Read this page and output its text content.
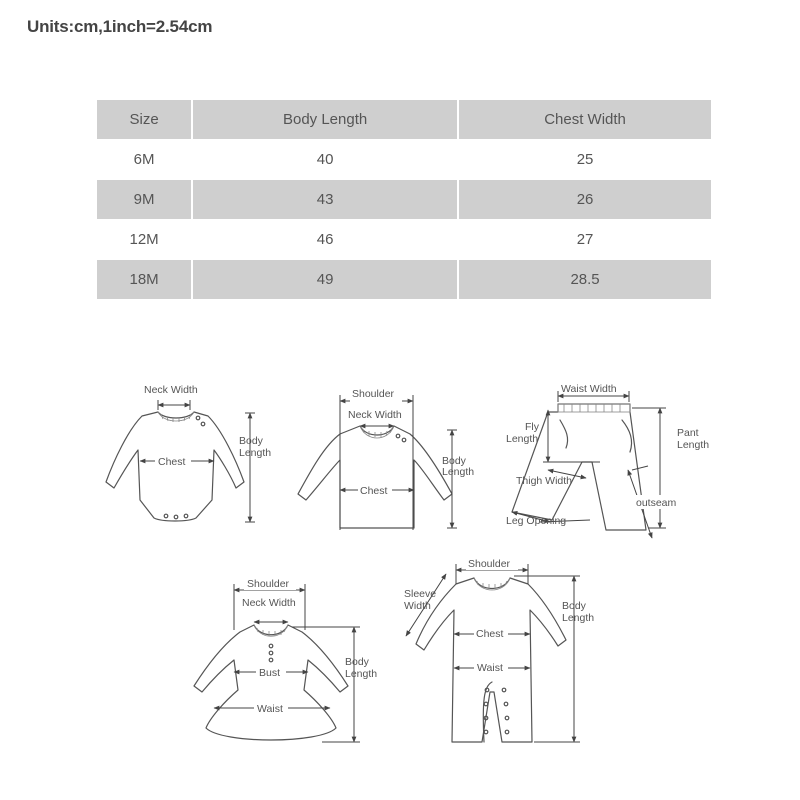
Units:cm,1inch=2.54cm
Size	Body Length	Chest Width
6M	40	25
9M	43	26
12M	46	27
18M	49	28.5
Neck Width
Chest
Body
Length
Shoulder
Neck Width
Chest
Body
Length
Waist Width
Fly
Length	Pant
Length
Thigh Width
outseam
Leg Opening
Shoulder
Neck Width
Bust
Waist
Body
Length
Shoulder
Sleeve
Width
Chest
Waist
Body
Length
